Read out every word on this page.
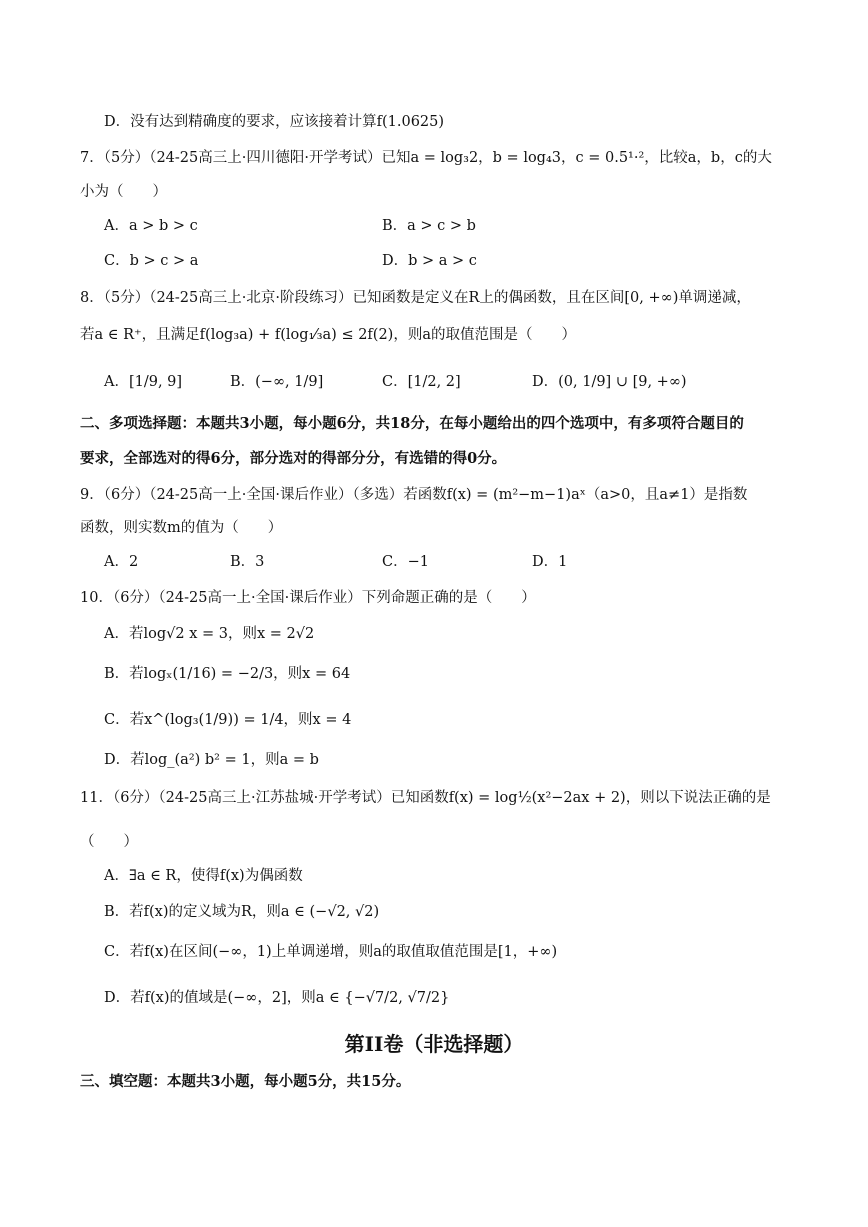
D．没有达到精确度的要求，应该接着计算f(1.0625)
7．（5分）（24-25高三上·四川德阳·开学考试）已知a = log₃2，b = log₄3，c = 0.5¹·²，比较a，b，c的大
小为（　　）
A．a > b > c	B．a > c > b
C．b > c > a	D．b > a > c
8．（5分）（24-25高三上·北京·阶段练习）已知函数是定义在R上的偶函数，且在区间[0, +∞)单调递减，
若a ∈ R⁺，且满足f(log₃a) + f(log₁⁄₃a) ≤ 2f(2)，则a的取值范围是（　　）
A．[1/9, 9]	B．(−∞, 1/9]	C．[1/2, 2]	D．(0, 1/9] ∪ [9, +∞)
二、多项选择题：本题共3小题，每小题6分，共18分，在每小题给出的四个选项中，有多项符合题目的
要求，全部选对的得6分，部分选对的得部分分，有选错的得0分。
9．（6分）（24-25高一上·全国·课后作业）（多选）若函数f(x) = (m²−m−1)aˣ（a>0，且a≠1）是指数
函数，则实数m的值为（　　）
A．2	B．3	C．−1	D．1
10．（6分）（24-25高一上·全国·课后作业）下列命题正确的是（　　）
A．若log√2 x = 3，则x = 2√2
B．若logₓ(1/16) = −2/3，则x = 64
C．若x^(log₃(1/9)) = 1/4，则x = 4
D．若log_(a²) b² = 1，则a = b
11．（6分）（24-25高三上·江苏盐城·开学考试）已知函数f(x) = log½(x²−2ax + 2)，则以下说法正确的是
（　　）
A．∃a ∈ R，使得f(x)为偶函数
B．若f(x)的定义域为R，则a ∈ (−√2, √2)
C．若f(x)在区间(−∞，1)上单调递增，则a的取值取值范围是[1，+∞)
D．若f(x)的值域是(−∞，2]，则a ∈ {−√7/2, √7/2}
第II卷（非选择题）
三、填空题：本题共3小题，每小题5分，共15分。
